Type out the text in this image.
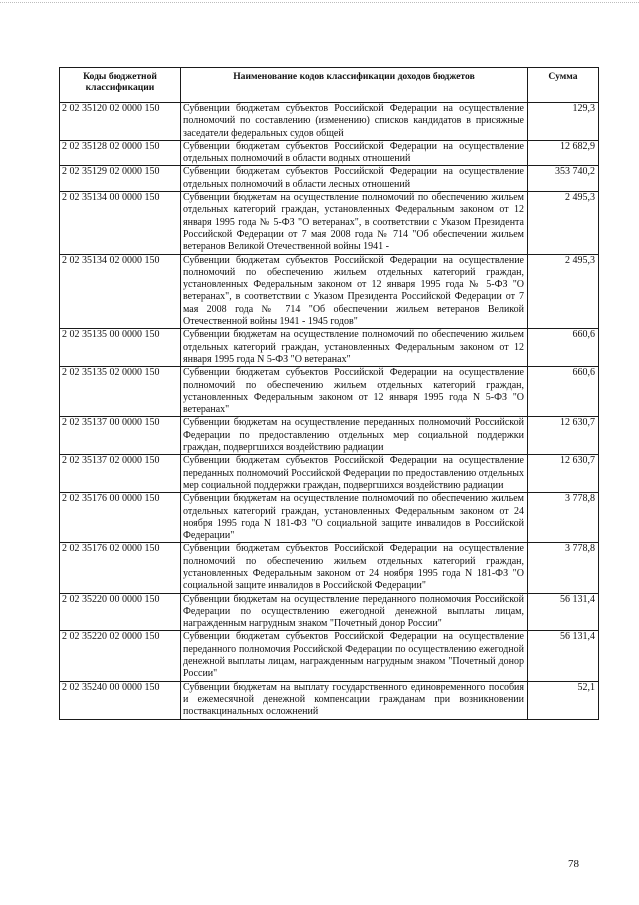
Коды бюджетной классификации	Наименование кодов классификации доходов бюджетов	Сумма
2 02 35120 02 0000 150	Субвенции бюджетам субъектов Российской Федерации на осуществление полномочий по составлению (изменению) списков кандидатов в присяжные заседатели федеральных судов общей	129,3
2 02 35128 02 0000 150	Субвенции бюджетам субъектов Российской Федерации на осуществление отдельных полномочий в области водных отношений	12 682,9
2 02 35129 02 0000 150	Субвенции бюджетам субъектов Российской Федерации на осуществление отдельных полномочий в области лесных отношений	353 740,2
2 02 35134 00 0000 150	Субвенции бюджетам на осуществление полномочий по обеспечению жильем отдельных категорий граждан, установленных Федеральным законом от 12 января 1995 года № 5-ФЗ "О ветеранах", в соответствии с Указом Президента Российской Федерации от 7 мая 2008 года № 714 "Об обеспечении жильем ветеранов Великой Отечественной войны 1941 -	2 495,3
2 02 35134 02 0000 150	Субвенции бюджетам субъектов Российской Федерации на осуществление полномочий по обеспечению жильем отдельных категорий граждан, установленных Федеральным законом от 12 января 1995 года № 5-ФЗ "О ветеранах", в соответствии с Указом Президента Российской Федерации от 7 мая 2008 года № 714 "Об обеспечении жильем ветеранов Великой Отечественной войны 1941 - 1945 годов"	2 495,3
2 02 35135 00 0000 150	Субвенции бюджетам на осуществление полномочий по обеспечению жильем отдельных категорий граждан, установленных Федеральным законом от 12 января 1995 года N 5-ФЗ "О ветеранах"	660,6
2 02 35135 02 0000 150	Субвенции бюджетам субъектов Российской Федерации на осуществление полномочий по обеспечению жильем отдельных категорий граждан, установленных Федеральным законом от 12 января 1995 года N 5-ФЗ "О ветеранах"	660,6
2 02 35137 00 0000 150	Субвенции бюджетам на осуществление переданных полномочий Российской Федерации по предоставлению отдельных мер социальной поддержки граждан, подвергшихся воздействию радиации	12 630,7
2 02 35137 02 0000 150	Субвенции бюджетам субъектов Российской Федерации на осуществление переданных полномочий Российской Федерации по предоставлению отдельных мер социальной поддержки граждан, подвергшихся воздействию радиации	12 630,7
2 02 35176 00 0000 150	Субвенции бюджетам на осуществление полномочий по обеспечению жильем отдельных категорий граждан, установленных Федеральным законом от 24 ноября 1995 года N 181-ФЗ "О социальной защите инвалидов в Российской Федерации"	3 778,8
2 02 35176 02 0000 150	Субвенции бюджетам субъектов Российской Федерации на осуществление полномочий по обеспечению жильем отдельных категорий граждан, установленных Федеральным законом от 24 ноября 1995 года N 181-ФЗ "О социальной защите инвалидов в Российской Федерации"	3 778,8
2 02 35220 00 0000 150	Субвенции бюджетам на осуществление переданного полномочия Российской Федерации по осуществлению ежегодной денежной выплаты лицам, награжденным нагрудным знаком "Почетный донор России"	56 131,4
2 02 35220 02 0000 150	Субвенции бюджетам субъектов Российской Федерации на осуществление переданного полномочия Российской Федерации по осуществлению ежегодной денежной выплаты лицам, награжденным нагрудным знаком "Почетный донор России"	56 131,4
2 02 35240 00 0000 150	Субвенции бюджетам на выплату государственного единовременного пособия и ежемесячной денежной компенсации гражданам при возникновении поствакцинальных осложнений	52,1
78
